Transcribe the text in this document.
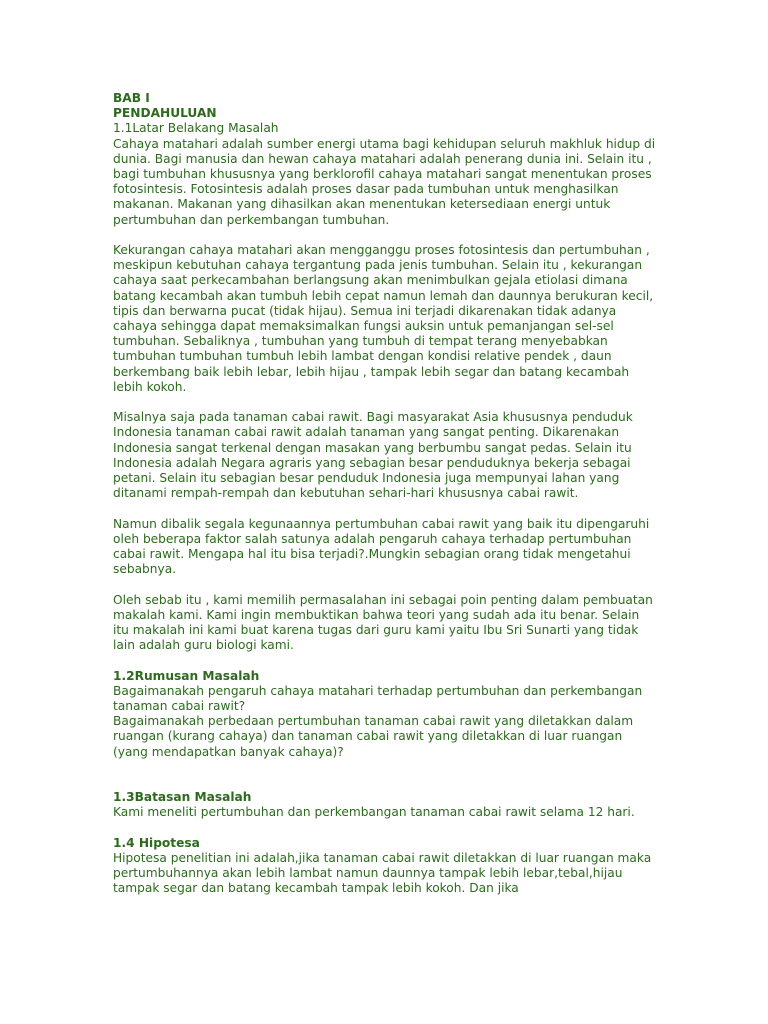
BAB I

PENDAHULUAN

1.1Latar Belakang Masalah

Cahaya matahari adalah sumber energi utama bagi kehidupan seluruh makhluk hidup di dunia. Bagi manusia dan hewan cahaya matahari adalah penerang dunia ini. Selain itu , bagi tumbuhan khususnya yang berklorofil cahaya matahari sangat menentukan proses fotosintesis. Fotosintesis adalah proses dasar pada tumbuhan untuk menghasilkan makanan. Makanan yang dihasilkan akan menentukan ketersediaan energi untuk pertumbuhan dan perkembangan tumbuhan.

Kekurangan cahaya matahari akan mengganggu proses fotosintesis dan pertumbuhan , meskipun kebutuhan cahaya tergantung pada jenis tumbuhan. Selain itu , kekurangan cahaya saat perkecambahan berlangsung akan menimbulkan gejala etiolasi dimana batang kecambah akan tumbuh lebih cepat namun lemah dan daunnya berukuran kecil, tipis dan berwarna pucat (tidak hijau). Semua ini terjadi dikarenakan tidak adanya cahaya sehingga dapat memaksimalkan fungsi auksin untuk pemanjangan sel-sel tumbuhan. Sebaliknya , tumbuhan yang tumbuh di tempat terang menyebabkan tumbuhan tumbuhan tumbuh lebih lambat dengan kondisi relative pendek , daun berkembang baik lebih lebar, lebih hijau , tampak lebih segar dan batang kecambah lebih kokoh.

Misalnya saja pada tanaman cabai rawit. Bagi masyarakat Asia khususnya penduduk Indonesia tanaman cabai rawit adalah tanaman yang sangat penting. Dikarenakan Indonesia sangat terkenal dengan masakan yang berbumbu sangat pedas. Selain itu Indonesia adalah Negara agraris yang sebagian besar penduduknya bekerja sebagai petani. Selain itu sebagian besar penduduk Indonesia juga mempunyai lahan yang ditanami rempah-rempah dan kebutuhan sehari-hari khususnya cabai rawit.

Namun dibalik segala kegunaannya pertumbuhan cabai rawit yang baik itu dipengaruhi oleh beberapa faktor salah satunya adalah pengaruh cahaya terhadap pertumbuhan cabai rawit. Mengapa hal itu bisa terjadi?.Mungkin sebagian orang tidak mengetahui sebabnya.

Oleh sebab itu , kami memilih permasalahan ini sebagai poin penting dalam pembuatan makalah kami. Kami ingin membuktikan bahwa teori yang sudah ada itu benar. Selain itu makalah ini kami buat karena tugas dari guru kami yaitu Ibu Sri Sunarti yang tidak lain adalah guru biologi kami.

1.2Rumusan Masalah

Bagaimanakah pengaruh cahaya matahari terhadap pertumbuhan dan perkembangan tanaman cabai rawit?

Bagaimanakah perbedaan pertumbuhan tanaman cabai rawit yang diletakkan dalam ruangan (kurang cahaya) dan tanaman cabai rawit yang diletakkan di luar ruangan (yang mendapatkan banyak cahaya)?

1.3Batasan Masalah

Kami meneliti pertumbuhan dan perkembangan tanaman cabai rawit selama 12 hari.

1.4 Hipotesa

Hipotesa penelitian ini adalah,jika tanaman cabai rawit diletakkan di luar ruangan maka pertumbuhannya akan lebih lambat namun daunnya tampak lebih lebar,tebal,hijau tampak segar dan batang kecambah tampak lebih kokoh. Dan jika
